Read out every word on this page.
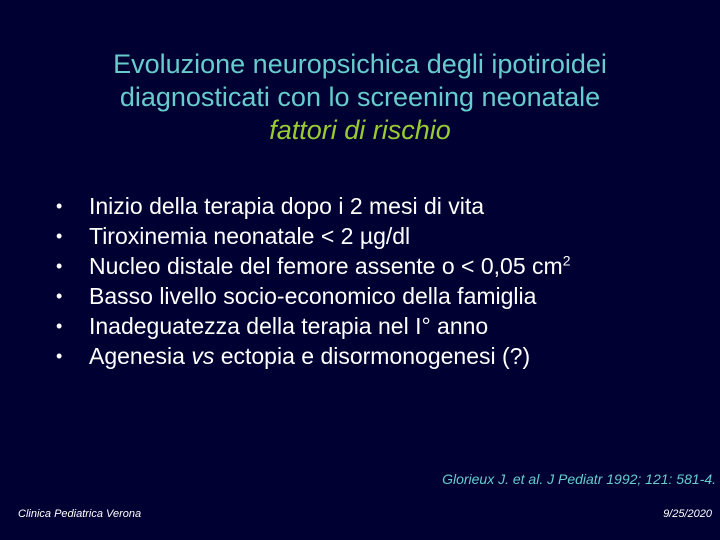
Evoluzione neuropsichica degli ipotiroidei
diagnosticati con lo screening neonatale
fattori di rischio
• Inizio della terapia dopo i 2 mesi di vita
• Tiroxinemia neonatale < 2 µg/dl
• Nucleo distale del femore assente o < 0,05 $cm^2$
• Basso livello socio-economico della famiglia
• Inadeguatezza della terapia nel I° anno
• Agenesia vs ectopia e disormonogenesi (?)
Glorieux J. et al. J Pediatr 1992; 121: 581-4.
Clinica Pediatrica Verona	9/25/2020
